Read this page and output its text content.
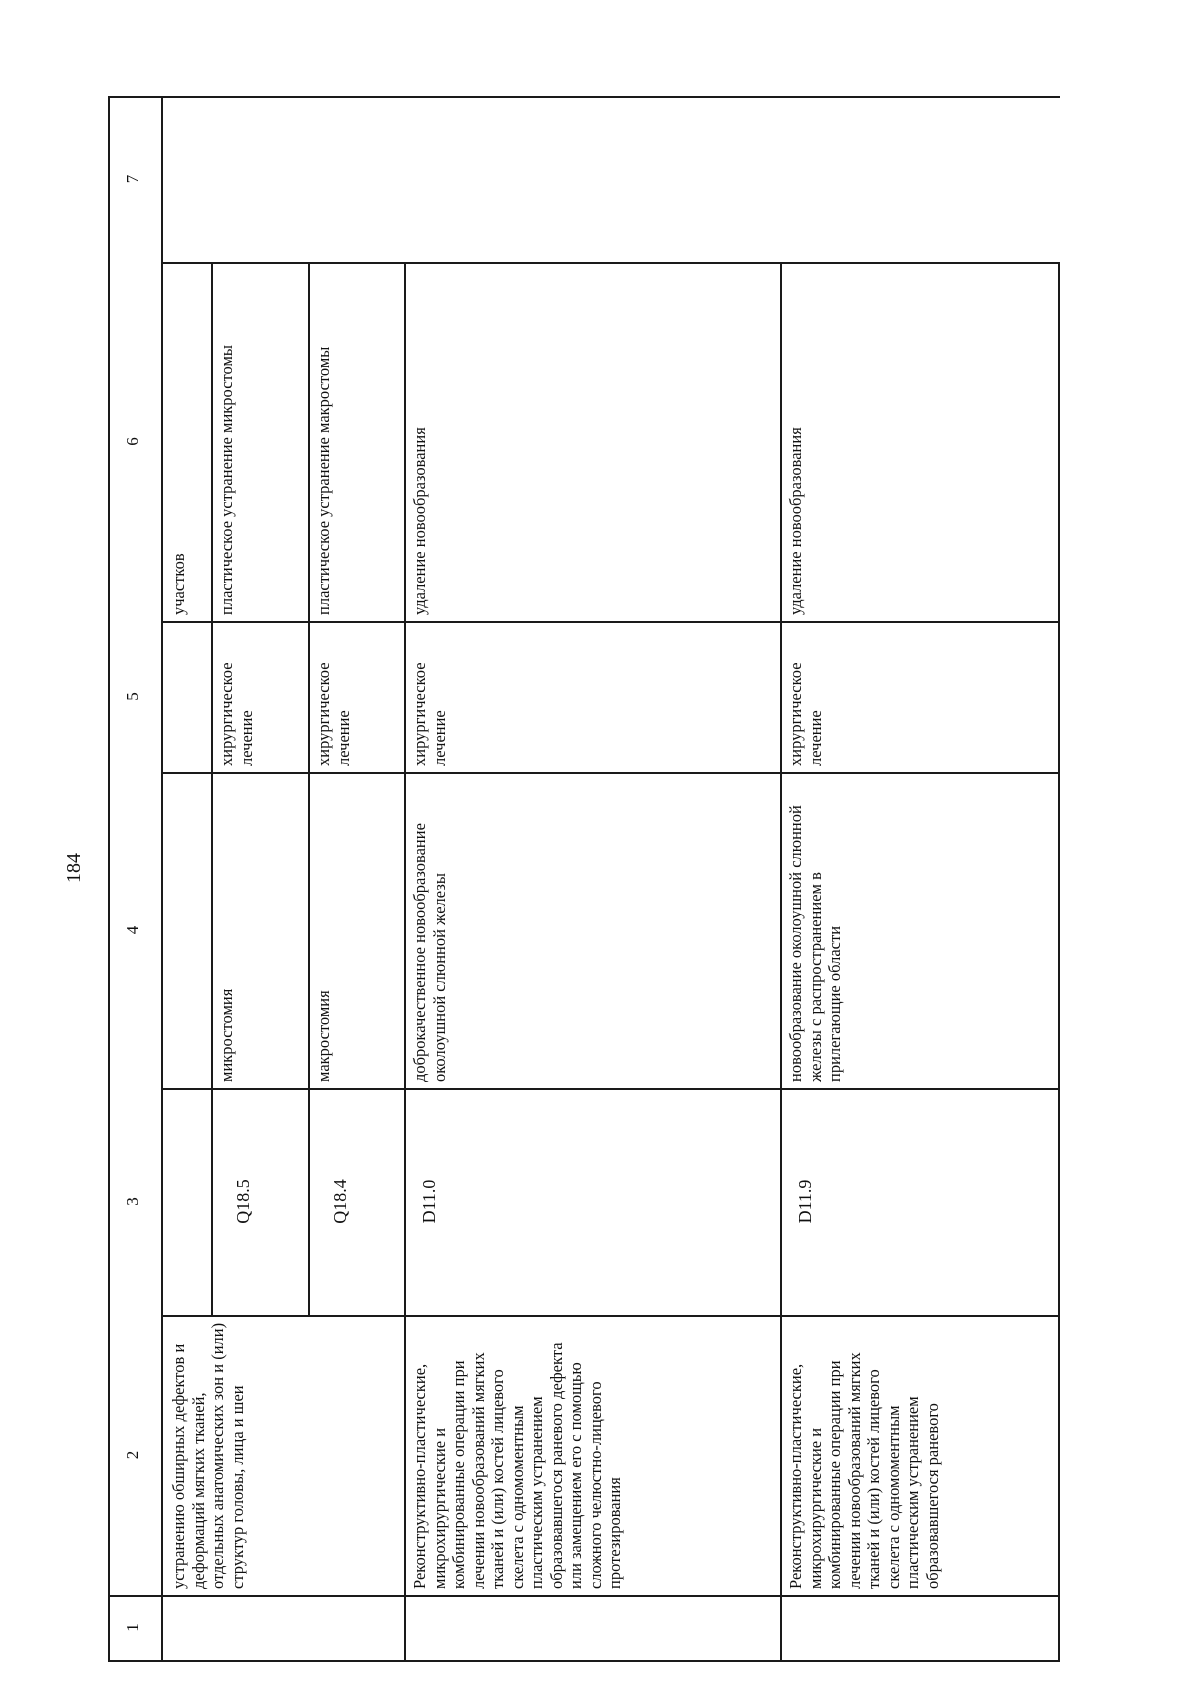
184
1
2
3
4
5
6
7
устранению обширных дефектов и деформаций мягких тканей, отдельных анатомических зон и (или) структур головы, лица и шеи
участков
Q18.5
микростомия
хирургическое лечение
пластическое устранение микростомы
Q18.4
макростомия
хирургическое лечение
пластическое устранение макростомы
Реконструктивно-пластические, микрохирургические и комбинированные операции при лечении новообразований мягких тканей и (или) костей лицевого скелета с одномоментным пластическим устранением образовавшегося раневого дефекта или замещением его с помощью сложного челюстно-лицевого протезирования
D11.0
доброкачественное новообразование околоушной слюнной железы
хирургическое лечение
удаление новообразования
Реконструктивно-пластические, микрохирургические и комбинированные операции при лечении новообразований мягких тканей и (или) костей лицевого скелета с одномоментным пластическим устранением образовавшегося раневого
D11.9
новообразование околоушной слюнной железы с распространением в прилегающие области
хирургическое лечение
удаление новообразования
